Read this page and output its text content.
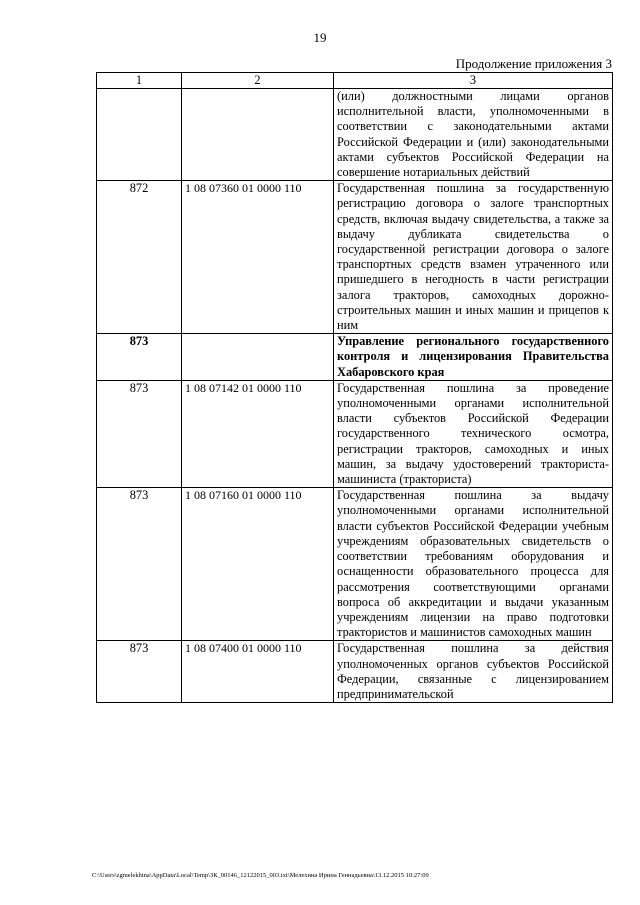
19
Продолжение приложения 3
1	2	3
		(или) должностными лицами органов исполнительной власти, уполномоченными в соответствии с законодательными актами Российской Федерации и (или) законодательными актами субъектов Российской Федерации на совершение нотариальных действий
872	1 08 07360 01 0000 110	Государственная пошлина за государственную регистрацию договора о залоге транспортных средств, включая выдачу свидетельства, а также за выдачу дубликата свидетельства о государственной регистрации договора о залоге транспортных средств взамен утраченного или пришедшего в негодность в части регистрации залога тракторов, самоходных дорожно-строительных машин и иных машин и прицепов к ним
873		Управление регионального государственного контроля и лицензирования Правительства Хабаровского края
873	1 08 07142 01 0000 110	Государственная пошлина за проведение уполномоченными органами исполнительной власти субъектов Российской Федерации государственного технического осмотра, регистрации тракторов, самоходных и иных машин, за выдачу удостоверений тракториста-машиниста (тракториста)
873	1 08 07160 01 0000 110	Государственная пошлина за выдачу уполномоченными органами исполнительной власти субъектов Российской Федерации учебным учреждениям образовательных свидетельств о соответствии требованиям оборудования и оснащенности образовательного процесса для рассмотрения соответствующими органами вопроса об аккредитации и выдачи указанным учреждениям лицензии на право подготовки трактористов и машинистов самоходных машин
873	1 08 07400 01 0000 110	Государственная пошлина за действия уполномоченных органов субъектов Российской Федерации, связанные с лицензированием предпринимательской
C:\Users\zgmelekhina\AppData\Local\Temp\ЗК_00146_12122015_003.txt\Мелехина Ирина Геннадьевна\13.12.2015 10:27:09
